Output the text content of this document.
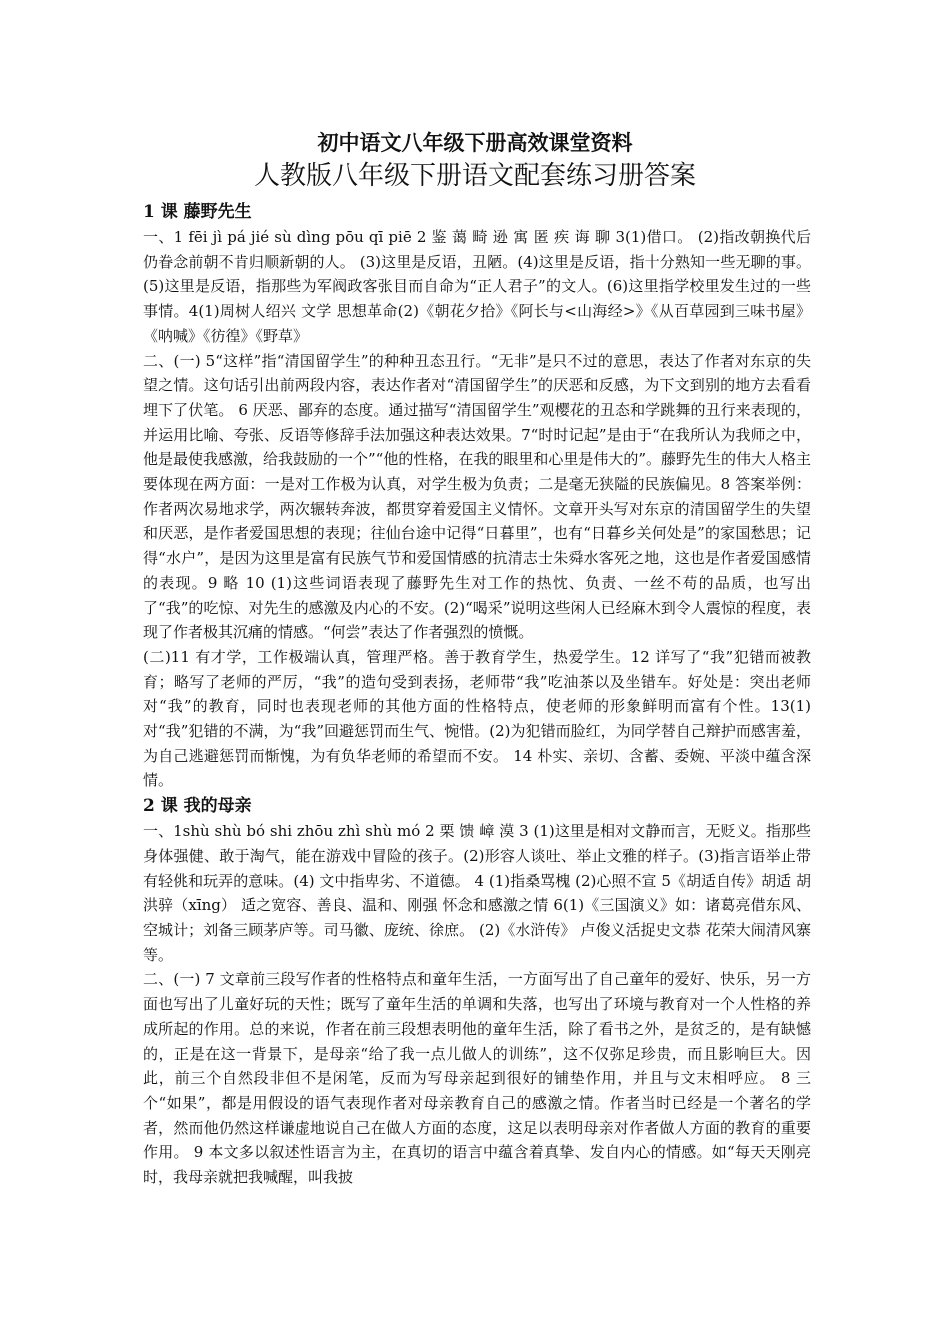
初中语文八年级下册高效课堂资料
人教版八年级下册语文配套练习册答案
1 课 藤野先生

一、1 fēi jì pá jié sù dìng pōu qī piē 2 鉴 蔼 畸 逊 寓 匿 疾 诲 聊 3(1)借口。 (2)指改朝换代后仍眷念前朝不肯归顺新朝的人。 (3)这里是反语，丑陋。(4)这里是反语，指十分熟知一些无聊的事。(5)这里是反语，指那些为军阀政客张目而自命为“正人君子”的文人。(6)这里指学校里发生过的一些事情。4(1)周树人绍兴 文学 思想革命(2)《朝花夕拾》《阿长与<山海经>》《从百草园到三味书屋》《呐喊》《彷徨》《野草》

二、(一) 5“这样”指“清国留学生”的种种丑态丑行。“无非”是只不过的意思，表达了作者对东京的失望之情。这句话引出前两段内容，表达作者对“清国留学生”的厌恶和反感，为下文到别的地方去看看埋下了伏笔。 6 厌恶、鄙弃的态度。通过描写“清国留学生”观樱花的丑态和学跳舞的丑行来表现的，并运用比喻、夸张、反语等修辞手法加强这种表达效果。7“时时记起”是由于“在我所认为我师之中，他是最使我感激，给我鼓励的一个”“他的性格，在我的眼里和心里是伟大的”。藤野先生的伟大人格主要体现在两方面：一是对工作极为认真，对学生极为负责；二是毫无狭隘的民族偏见。8 答案举例：作者两次易地求学，两次辗转奔波，都贯穿着爱国主义情怀。文章开头写对东京的清国留学生的失望和厌恶，是作者爱国思想的表现；往仙台途中记得“日暮里”，也有“日暮乡关何处是”的家国愁思；记得“水户”，是因为这里是富有民族气节和爱国情感的抗清志士朱舜水客死之地，这也是作者爱国感情的表现。9 略 10 (1)这些词语表现了藤野先生对工作的热忱、负责、一丝不苟的品质，也写出了“我”的吃惊、对先生的感激及内心的不安。(2)“喝采”说明这些闲人已经麻木到令人震惊的程度，表现了作者极其沉痛的情感。“何尝”表达了作者强烈的愤慨。

(二)11 有才学，工作极端认真，管理严格。善于教育学生，热爱学生。12 详写了“我”犯错而被教育；略写了老师的严厉，“我”的造句受到表扬，老师带“我”吃油茶以及坐错车。好处是：突出老师对“我”的教育，同时也表现老师的其他方面的性格特点，使老师的形象鲜明而富有个性。13(1)对“我”犯错的不满，为“我”回避惩罚而生气、惋惜。(2)为犯错而脸红，为同学替自己辩护而感害羞，为自己逃避惩罚而惭愧，为有负华老师的希望而不安。 14 朴实、亲切、含蓄、委婉、平淡中蕴含深情。

2 课 我的母亲

一、1shù shù bó shi zhōu zhì shù mó 2 栗 馈 嶂 漠 3 (1)这里是相对文静而言，无贬义。指那些身体强健、敢于淘气，能在游戏中冒险的孩子。(2)形容人谈吐、举止文雅的样子。(3)指言语举止带有轻佻和玩弄的意味。(4) 文中指卑劣、不道德。 4 (1)指桑骂槐 (2)心照不宣 5《胡适自传》胡适 胡洪骍（xīng） 适之宽容、善良、温和、刚强 怀念和感激之情 6(1)《三国演义》如：诸葛亮借东风、空城计；刘备三顾茅庐等。司马徽、庞统、徐庶。 (2)《水浒传》 卢俊义活捉史文恭 花荣大闹清风寨等。

二、(一) 7 文章前三段写作者的性格特点和童年生活，一方面写出了自己童年的爱好、快乐，另一方面也写出了儿童好玩的天性；既写了童年生活的单调和失落，也写出了环境与教育对一个人性格的养成所起的作用。总的来说，作者在前三段想表明他的童年生活，除了看书之外，是贫乏的，是有缺憾的，正是在这一背景下，是母亲“给了我一点儿做人的训练”，这不仅弥足珍贵，而且影响巨大。因此，前三个自然段非但不是闲笔，反而为写母亲起到很好的铺垫作用，并且与文末相呼应。 8 三个“如果”，都是用假设的语气表现作者对母亲教育自己的感激之情。作者当时已经是一个著名的学者，然而他仍然这样谦虚地说自己在做人方面的态度，这足以表明母亲对作者做人方面的教育的重要作用。 9 本文多以叙述性语言为主，在真切的语言中蕴含着真挚、发自内心的情感。如“每天天刚亮时，我母亲就把我喊醒，叫我披
